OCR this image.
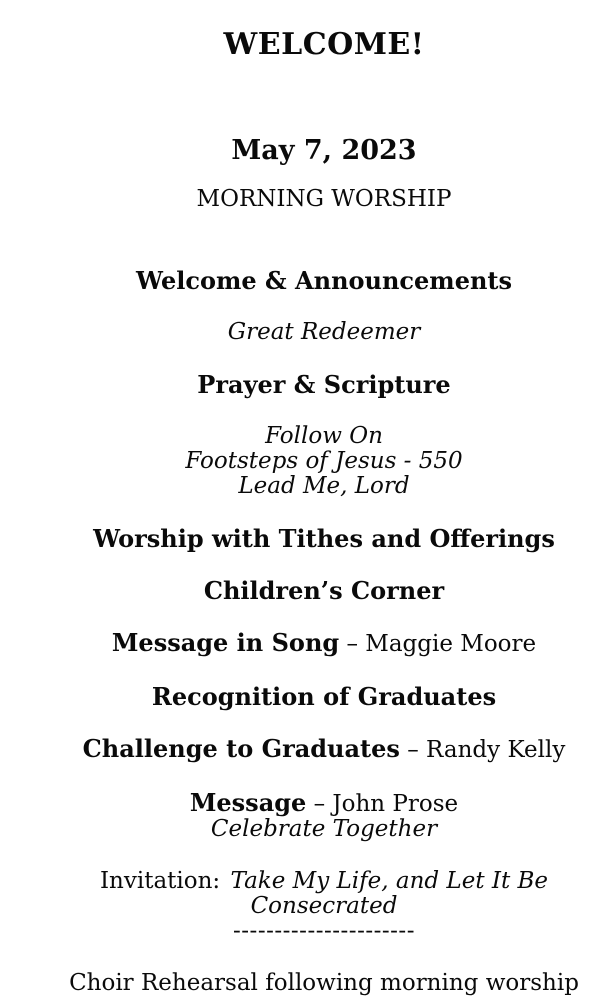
WELCOME!
May 7, 2023
MORNING WORSHIP
Welcome & Announcements
Great Redeemer
Prayer & Scripture
Follow On
Footsteps of Jesus - 550
Lead Me, Lord
Worship with Tithes and Offerings
Children’s Corner
Message in Song – Maggie Moore
Recognition of Graduates
Challenge to Graduates – Randy Kelly
Message – John Prose
Celebrate Together
Invitation: Take My Life, and Let It Be
Consecrated
----------------------
Choir Rehearsal following morning worship
